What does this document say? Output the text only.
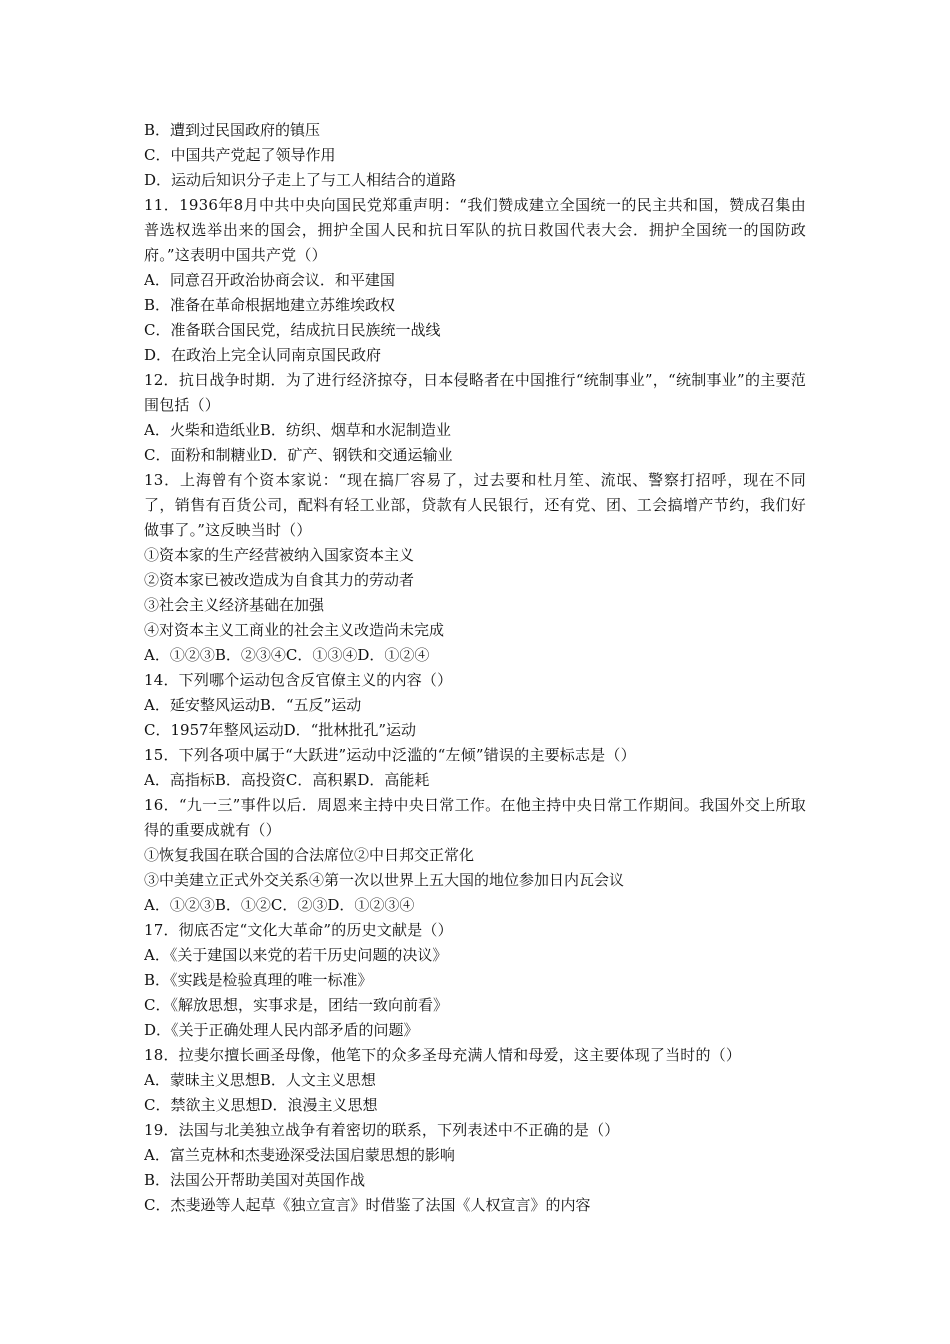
B．遭到过民国政府的镇压
C．中国共产党起了领导作用
D．运动后知识分子走上了与工人相结合的道路
11．1936年8月中共中央向国民党郑重声明：“我们赞成建立全国统一的民主共和国，赞成召集由普选权选举出来的国会，拥护全国人民和抗日军队的抗日救国代表大会．拥护全国统一的国防政府。”这表明中国共产党（）
A．同意召开政治协商会议．和平建国
B．准备在革命根据地建立苏维埃政权
C．准备联合国民党，结成抗日民族统一战线
D．在政治上完全认同南京国民政府
12．抗日战争时期．为了进行经济掠夺，日本侵略者在中国推行“统制事业”，“统制事业”的主要范围包括（）
A．火柴和造纸业B．纺织、烟草和水泥制造业
C．面粉和制糖业D．矿产、钢铁和交通运输业
13．上海曾有个资本家说：“现在搞厂容易了，过去要和杜月笙、流氓、警察打招呼，现在不同了，销售有百货公司，配料有轻工业部，贷款有人民银行，还有党、团、工会搞增产节约，我们好做事了。”这反映当时（）
①资本家的生产经营被纳入国家资本主义
②资本家已被改造成为自食其力的劳动者
③社会主义经济基础在加强
④对资本主义工商业的社会主义改造尚未完成
A．①②③B．②③④C．①③④D．①②④
14．下列哪个运动包含反官僚主义的内容（）
A．延安整风运动B．“五反”运动
C．1957年整风运动D．“批林批孔”运动
15．下列各项中属于“大跃进”运动中泛滥的“左倾”错误的主要标志是（）
A．高指标B．高投资C．高积累D．高能耗
16．“九一三”事件以后．周恩来主持中央日常工作。在他主持中央日常工作期间。我国外交上所取得的重要成就有（）
①恢复我国在联合国的合法席位②中日邦交正常化
③中美建立正式外交关系④第一次以世界上五大国的地位参加日内瓦会议
A．①②③B．①②C．②③D．①②③④
17．彻底否定“文化大革命”的历史文献是（）
A．《关于建国以来党的若干历史问题的决议》
B．《实践是检验真理的唯一标准》
C．《解放思想，实事求是，团结一致向前看》
D．《关于正确处理人民内部矛盾的问题》
18．拉斐尔擅长画圣母像，他笔下的众多圣母充满人情和母爱，这主要体现了当时的（）
A．蒙昧主义思想B．人文主义思想
C．禁欲主义思想D．浪漫主义思想
19．法国与北美独立战争有着密切的联系，下列表述中不正确的是（）
A．富兰克林和杰斐逊深受法国启蒙思想的影响
B．法国公开帮助美国对英国作战
C．杰斐逊等人起草《独立宣言》时借鉴了法国《人权宣言》的内容
